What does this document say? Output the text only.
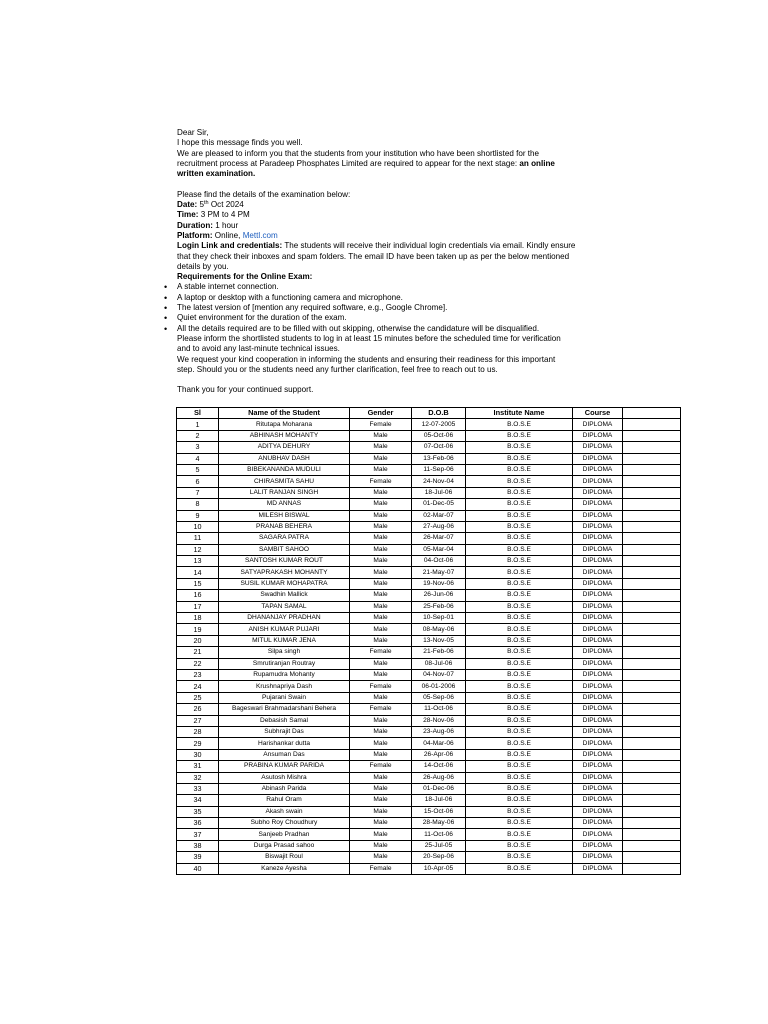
Dear Sir,

I hope this message finds you well.

We are pleased to inform you that the students from your institution who have been shortlisted for the

recruitment process at Paradeep Phosphates Limited are required to appear for the next stage: an online

written examination.

Please find the details of the examination below:

Date: 5th Oct 2024

Time: 3 PM to 4 PM

Duration: 1 hour

Platform: Online, Mettl.com

Login Link and credentials: The students will receive their individual login credentials via email. Kindly ensure

that they check their inboxes and spam folders. The email ID have been taken up as per the below mentioned

details by you.

Requirements for the Online Exam:

• A stable internet connection.
• A laptop or desktop with a functioning camera and microphone.
• The latest version of [mention any required software, e.g., Google Chrome].
• Quiet environment for the duration of the exam.
• All the details required are to be filled with out skipping, otherwise the candidature will be disqualified.

Please inform the shortlisted students to log in at least 15 minutes before the scheduled time for verification

and to avoid any last-minute technical issues.

We request your kind cooperation in informing the students and ensuring their readiness for this important

step. Should you or the students need any further clarification, feel free to reach out to us.

Thank you for your continued support.

Sl	Name of the Student	Gender	D.O.B	Institute Name	Course	
1	Ritutapa Moharana	Female	12-07-2005	B.O.S.E	DIPLOMA	
2	ABHINASH MOHANTY	Male	05-Oct-06	B.O.S.E	DIPLOMA	
3	ADITYA DEHURY	Male	07-Oct-06	B.O.S.E	DIPLOMA	
4	ANUBHAV DASH	Male	13-Feb-06	B.O.S.E	DIPLOMA	
5	BIBEKANANDA MUDULI	Male	11-Sep-06	B.O.S.E	DIPLOMA	
6	CHIRASMITA SAHU	Female	24-Nov-04	B.O.S.E	DIPLOMA	
7	LALIT RANJAN SINGH	Male	18-Jul-06	B.O.S.E	DIPLOMA	
8	MD ANNAS	Male	01-Dec-05	B.O.S.E	DIPLOMA	
9	MILESH BISWAL	Male	02-Mar-07	B.O.S.E	DIPLOMA	
10	PRANAB BEHERA	Male	27-Aug-06	B.O.S.E	DIPLOMA	
11	SAGARA PATRA	Male	26-Mar-07	B.O.S.E	DIPLOMA	
12	SAMBIT SAHOO	Male	05-Mar-04	B.O.S.E	DIPLOMA	
13	SANTOSH KUMAR ROUT	Male	04-Oct-06	B.O.S.E	DIPLOMA	
14	SATYAPRAKASH MOHANTY	Male	21-May-07	B.O.S.E	DIPLOMA	
15	SUSIL KUMAR MOHAPATRA	Male	19-Nov-06	B.O.S.E	DIPLOMA	
16	Swadhin Mallick	Male	26-Jun-06	B.O.S.E	DIPLOMA	
17	TAPAN SAMAL	Male	25-Feb-06	B.O.S.E	DIPLOMA	
18	DHANANJAY PRADHAN	Male	10-Sep-01	B.O.S.E	DIPLOMA	
19	ANISH KUMAR PUJARI	Male	08-May-06	B.O.S.E	DIPLOMA	
20	MITUL KUMAR JENA	Male	13-Nov-05	B.O.S.E	DIPLOMA	
21	Silpa singh	Female	21-Feb-06	B.O.S.E	DIPLOMA	
22	Smrutiranjan Routray	Male	08-Jul-06	B.O.S.E	DIPLOMA	
23	Rupamudra Mohanty	Male	04-Nov-07	B.O.S.E	DIPLOMA	
24	Krushnapriya Dash	Female	06-01-2006	B.O.S.E	DIPLOMA	
25	Pujarani Swain	Male	05-Sep-06	B.O.S.E	DIPLOMA	
26	Bageswari Brahmadarshani Behera	Female	11-Oct-06	B.O.S.E	DIPLOMA	
27	Debasish Samal	Male	28-Nov-06	B.O.S.E	DIPLOMA	
28	Subhrajit Das	Male	23-Aug-06	B.O.S.E	DIPLOMA	
29	Harishankar dutta	Male	04-Mar-06	B.O.S.E	DIPLOMA	
30	Ansuman Das	Male	26-Apr-06	B.O.S.E	DIPLOMA	
31	PRABINA KUMAR PARIDA	Female	14-Oct-06	B.O.S.E	DIPLOMA	
32	Asutosh Mishra	Male	26-Aug-06	B.O.S.E	DIPLOMA	
33	Abinash Parida	Male	01-Dec-06	B.O.S.E	DIPLOMA	
34	Rahul Oram	Male	18-Jul-06	B.O.S.E	DIPLOMA	
35	Akash swain	Male	15-Oct-06	B.O.S.E	DIPLOMA	
36	Subho Roy Choudhury	Male	28-May-06	B.O.S.E	DIPLOMA	
37	Sanjeeb Pradhan	Male	11-Oct-06	B.O.S.E	DIPLOMA	
38	Durga Prasad sahoo	Male	25-Jul-05	B.O.S.E	DIPLOMA	
39	Biswajit Roul	Male	20-Sep-06	B.O.S.E	DIPLOMA	
40	Kaneze Ayesha	Female	10-Apr-05	B.O.S.E	DIPLOMA	
